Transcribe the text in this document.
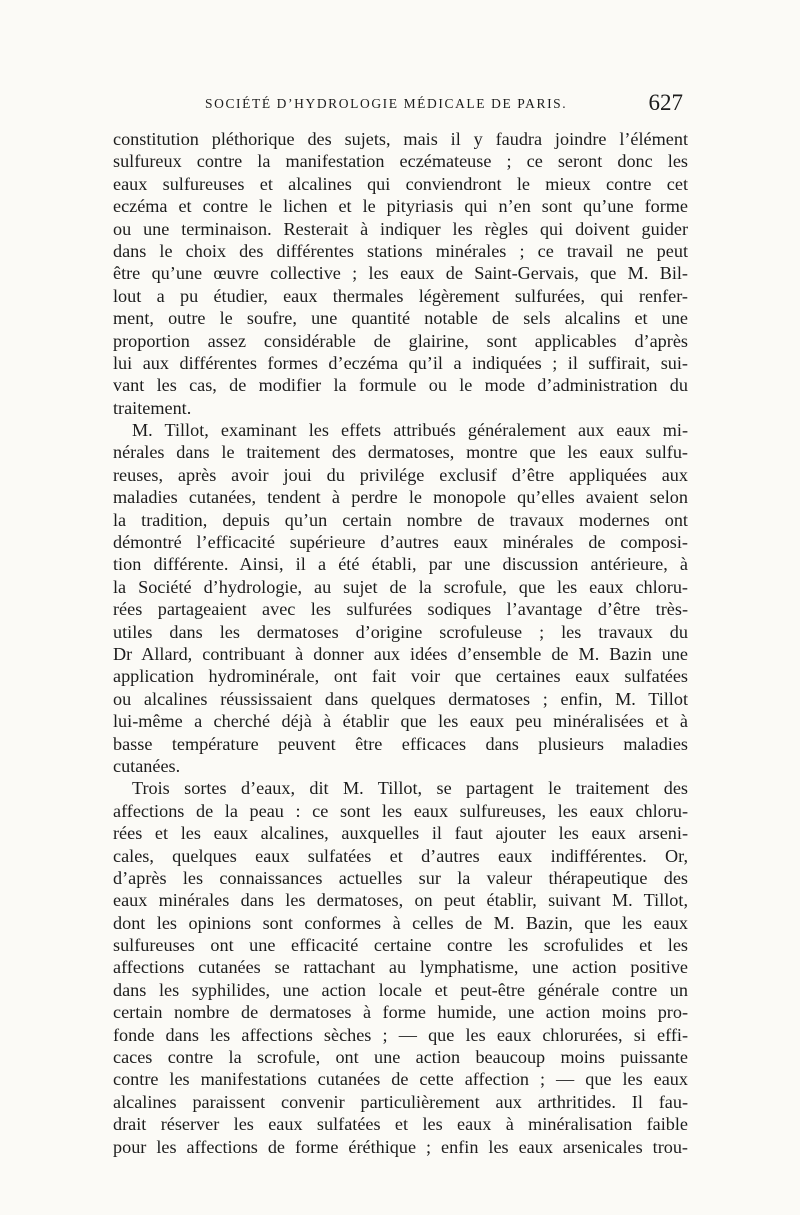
SOCIÉTÉ D’HYDROLOGIE MÉDICALE DE PARIS.	627
constitution pléthorique des sujets, mais il y faudra joindre l’élément
sulfureux contre la manifestation eczémateuse ; ce seront donc les
eaux sulfureuses et alcalines qui conviendront le mieux contre cet
eczéma et contre le lichen et le pityriasis qui n’en sont qu’une forme
ou une terminaison. Resterait à indiquer les règles qui doivent guider
dans le choix des différentes stations minérales ; ce travail ne peut
être qu’une œuvre collective ; les eaux de Saint-Gervais, que M. Bil-
lout a pu étudier, eaux thermales légèrement sulfurées, qui renfer-
ment, outre le soufre, une quantité notable de sels alcalins et une
proportion assez considérable de glairine, sont applicables d’après
lui aux différentes formes d’eczéma qu’il a indiquées ; il suffirait, sui-
vant les cas, de modifier la formule ou le mode d’administration du
traitement.
M. Tillot, examinant les effets attribués généralement aux eaux mi-
nérales dans le traitement des dermatoses, montre que les eaux sulfu-
reuses, après avoir joui du privilége exclusif d’être appliquées aux
maladies cutanées, tendent à perdre le monopole qu’elles avaient selon
la tradition, depuis qu’un certain nombre de travaux modernes ont
démontré l’efficacité supérieure d’autres eaux minérales de composi-
tion différente. Ainsi, il a été établi, par une discussion antérieure, à
la Société d’hydrologie, au sujet de la scrofule, que les eaux chloru-
rées partageaient avec les sulfurées sodiques l’avantage d’être très-
utiles dans les dermatoses d’origine scrofuleuse ; les travaux du
Dr Allard, contribuant à donner aux idées d’ensemble de M. Bazin une
application hydrominérale, ont fait voir que certaines eaux sulfatées
ou alcalines réussissaient dans quelques dermatoses ; enfin, M. Tillot
lui-même a cherché déjà à établir que les eaux peu minéralisées et à
basse température peuvent être efficaces dans plusieurs maladies
cutanées.
Trois sortes d’eaux, dit M. Tillot, se partagent le traitement des
affections de la peau : ce sont les eaux sulfureuses, les eaux chloru-
rées et les eaux alcalines, auxquelles il faut ajouter les eaux arseni-
cales, quelques eaux sulfatées et d’autres eaux indifférentes. Or,
d’après les connaissances actuelles sur la valeur thérapeutique des
eaux minérales dans les dermatoses, on peut établir, suivant M. Tillot,
dont les opinions sont conformes à celles de M. Bazin, que les eaux
sulfureuses ont une efficacité certaine contre les scrofulides et les
affections cutanées se rattachant au lymphatisme, une action positive
dans les syphilides, une action locale et peut-être générale contre un
certain nombre de dermatoses à forme humide, une action moins pro-
fonde dans les affections sèches ; — que les eaux chlorurées, si effi-
caces contre la scrofule, ont une action beaucoup moins puissante
contre les manifestations cutanées de cette affection ; — que les eaux
alcalines paraissent convenir particulièrement aux arthritides. Il fau-
drait réserver les eaux sulfatées et les eaux à minéralisation faible
pour les affections de forme éréthique ; enfin les eaux arsenicales trou-
